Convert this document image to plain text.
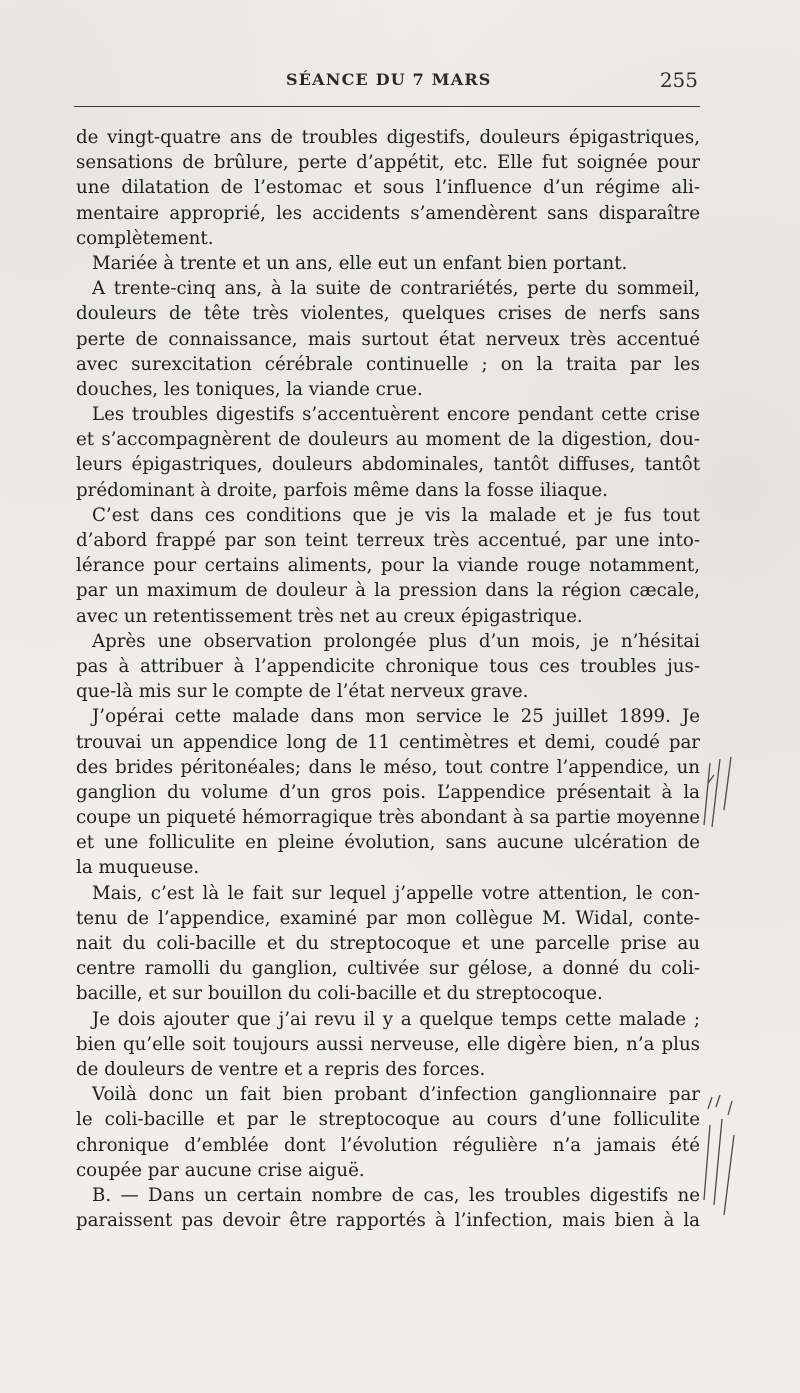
SÉANCE DU 7 MARS	255
de vingt-quatre ans de troubles digestifs, douleurs épigastriques,
sensations de brûlure, perte d’appétit, etc. Elle fut soignée pour
une dilatation de l’estomac et sous l’influence d’un régime ali-
mentaire approprié, les accidents s’amendèrent sans disparaître
complètement.
Mariée à trente et un ans, elle eut un enfant bien portant.
A trente-cinq ans, à la suite de contrariétés, perte du sommeil,
douleurs de tête très violentes, quelques crises de nerfs sans
perte de connaissance, mais surtout état nerveux très accentué
avec surexcitation cérébrale continuelle ; on la traita par les
douches, les toniques, la viande crue.
Les troubles digestifs s’accentuèrent encore pendant cette crise
et s’accompagnèrent de douleurs au moment de la digestion, dou-
leurs épigastriques, douleurs abdominales, tantôt diffuses, tantôt
prédominant à droite, parfois même dans la fosse iliaque.
C’est dans ces conditions que je vis la malade et je fus tout
d’abord frappé par son teint terreux très accentué, par une into-
lérance pour certains aliments, pour la viande rouge notamment,
par un maximum de douleur à la pression dans la région cæcale,
avec un retentissement très net au creux épigastrique.
Après une observation prolongée plus d’un mois, je n’hésitai
pas à attribuer à l’appendicite chronique tous ces troubles jus-
que-là mis sur le compte de l’état nerveux grave.
J’opérai cette malade dans mon service le 25 juillet 1899. Je
trouvai un appendice long de 11 centimètres et demi, coudé par
des brides péritonéales; dans le méso, tout contre l’appendice, un
ganglion du volume d’un gros pois. L’appendice présentait à la
coupe un piqueté hémorragique très abondant à sa partie moyenne
et une folliculite en pleine évolution, sans aucune ulcération de
la muqueuse.
Mais, c’est là le fait sur lequel j’appelle votre attention, le con-
tenu de l’appendice, examiné par mon collègue M. Widal, conte-
nait du coli-bacille et du streptocoque et une parcelle prise au
centre ramolli du ganglion, cultivée sur gélose, a donné du coli-
bacille, et sur bouillon du coli-bacille et du streptocoque.
Je dois ajouter que j’ai revu il y a quelque temps cette malade ;
bien qu’elle soit toujours aussi nerveuse, elle digère bien, n’a plus
de douleurs de ventre et a repris des forces.
Voilà donc un fait bien probant d’infection ganglionnaire par
le coli-bacille et par le streptocoque au cours d’une folliculite
chronique d’emblée dont l’évolution régulière n’a jamais été
coupée par aucune crise aiguë.
B. — Dans un certain nombre de cas, les troubles digestifs ne
paraissent pas devoir être rapportés à l’infection, mais bien à la
